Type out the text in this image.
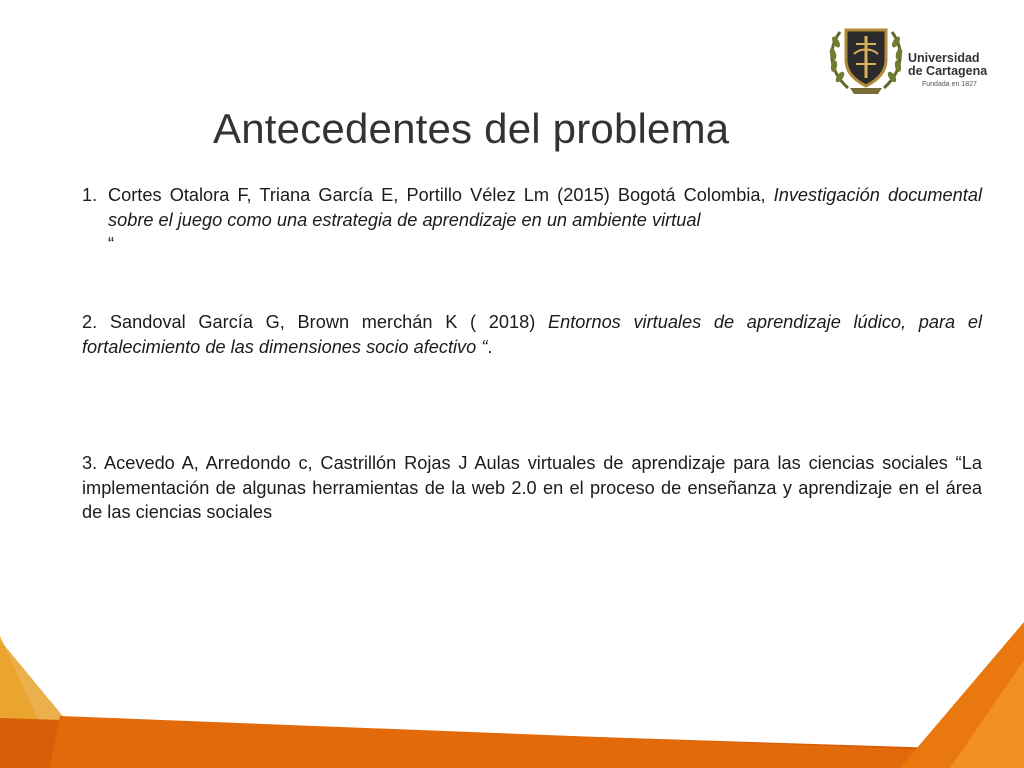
Universidad
de Cartagena
Fundada en 1827
Antecedentes del problema
1. Cortes Otalora F, Triana García E, Portillo Vélez Lm (2015) Bogotá Colombia, Investigación documental sobre el juego como una estrategia de aprendizaje en un ambiente virtual
“

2. Sandoval García G, Brown merchán K ( 2018) Entornos virtuales de aprendizaje lúdico, para el fortalecimiento de las dimensiones socio afectivo “.

3. Acevedo A, Arredondo c, Castrillón Rojas J Aulas virtuales de aprendizaje para las ciencias sociales “La implementación de algunas herramientas de la web 2.0 en el proceso de enseñanza y aprendizaje en el área de las ciencias sociales
